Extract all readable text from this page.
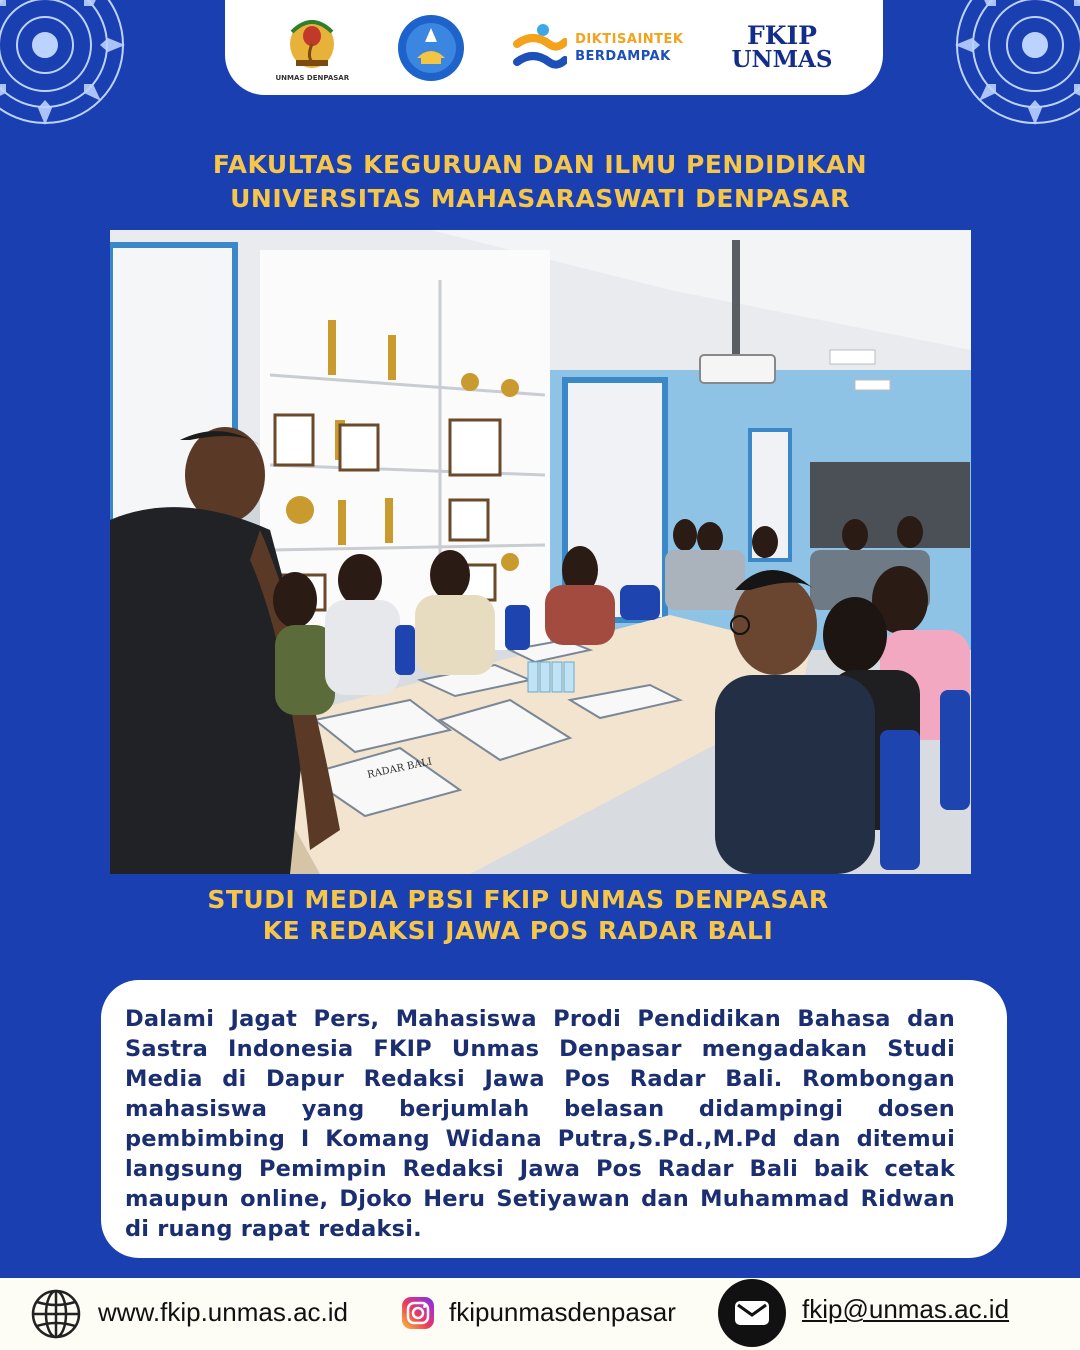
UNMAS DENPASAR
DIKTISAINTEK
BERDAMPAK
FKIP
UNMAS
FAKULTAS KEGURUAN DAN ILMU PENDIDIKAN
UNIVERSITAS MAHASARASWATI DENPASAR
RADAR BALI
STUDI MEDIA PBSI FKIP UNMAS DENPASAR
KE REDAKSI JAWA POS RADAR BALI
Dalami Jagat Pers, Mahasiswa Prodi Pendidikan Bahasa dan Sastra Indonesia FKIP Unmas Denpasar mengadakan Studi Media di Dapur Redaksi Jawa Pos Radar Bali. Rombongan mahasiswa yang berjumlah belasan didampingi dosen pembimbing I Komang Widana Putra,S.Pd.,M.Pd dan ditemui langsung Pemimpin Redaksi Jawa Pos Radar Bali baik cetak maupun online, Djoko Heru Setiyawan dan Muhammad Ridwan di ruang rapat redaksi.
www.fkip.unmas.ac.id	fkipunmasdenpasar	fkip@unmas.ac.id
